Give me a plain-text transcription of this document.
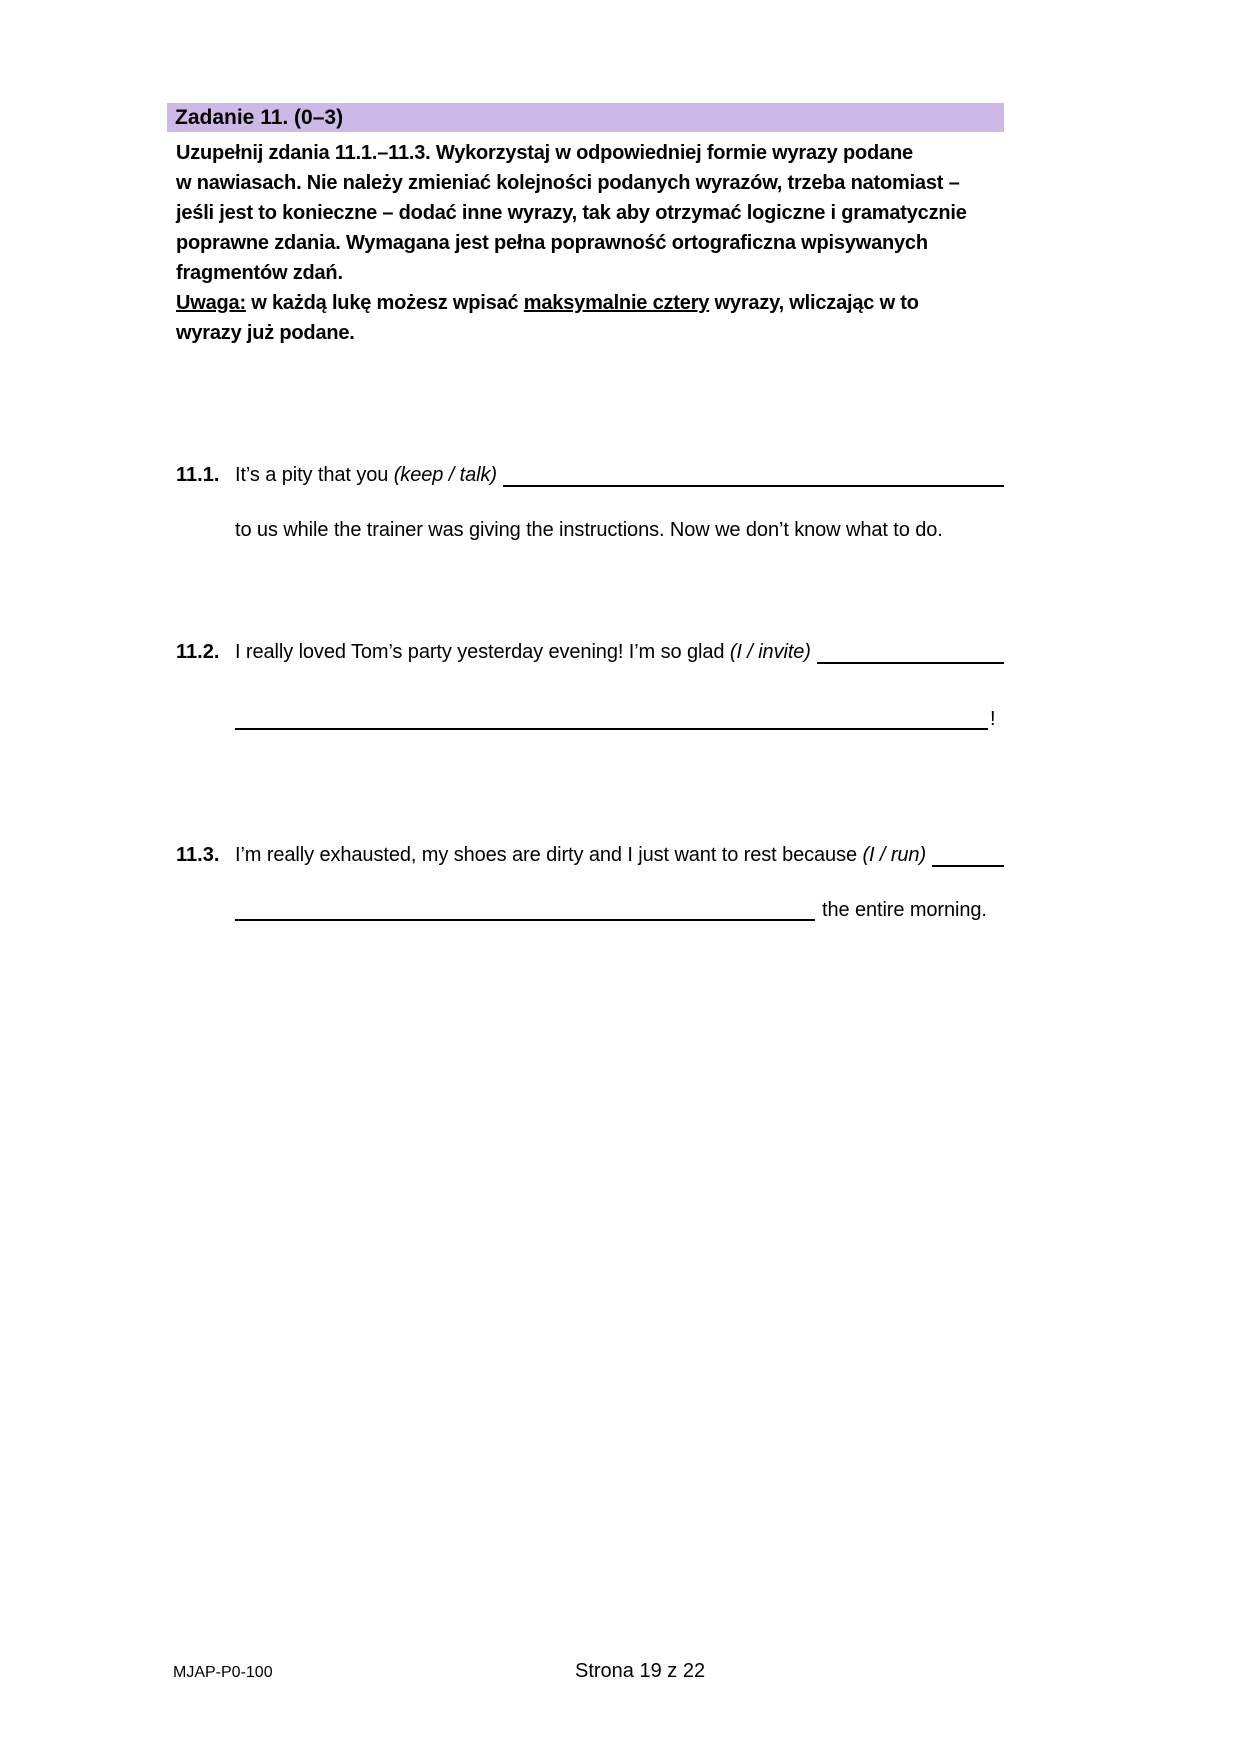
Zadanie 11. (0–3)
Uzupełnij zdania 11.1.–11.3. Wykorzystaj w odpowiedniej formie wyrazy podane
w nawiasach. Nie należy zmieniać kolejności podanych wyrazów, trzeba natomiast –
jeśli jest to konieczne – dodać inne wyrazy, tak aby otrzymać logiczne i gramatycznie
poprawne zdania. Wymagana jest pełna poprawność ortograficzna wpisywanych
fragmentów zdań.
Uwaga: w każdą lukę możesz wpisać maksymalnie cztery wyrazy, wliczając w to
wyrazy już podane.
11.1. It’s a pity that you (keep / talk)
to us while the trainer was giving the instructions. Now we don’t know what to do.
11.2. I really loved Tom’s party yesterday evening! I’m so glad (I / invite)
!
11.3. I’m really exhausted, my shoes are dirty and I just want to rest because (I / run)
the entire morning.
MJAP-P0-100	Strona 19 z 22
